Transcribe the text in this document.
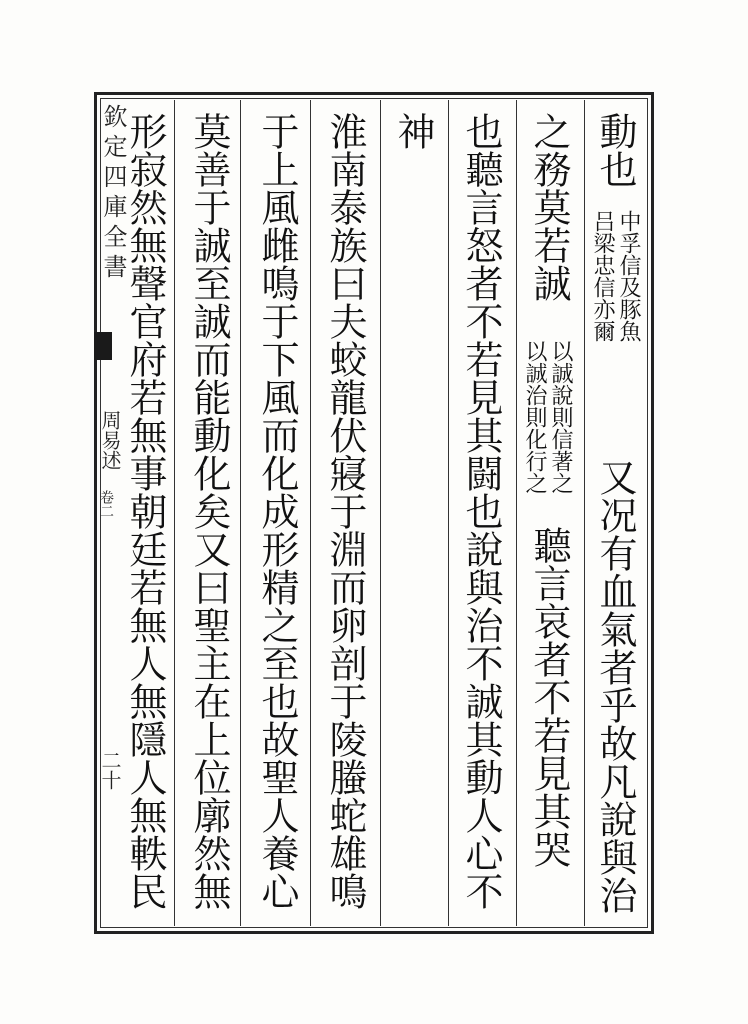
欽定四庫全書
周易述
卷二
二十
動也
中孚信及豚魚
吕梁忠信亦爾
又况有血氣者乎故凡說與治
之務莫若誠
以誠說則信著之
以誠治則化行之
聽言哀者不若見其哭
也聽言怒者不若見其闘也說與治不誠其動人心不
神
淮南泰族曰夫蛟龍伏寢于淵而卵剖于陵螣蛇雄鳴
于上風雌鳴于下風而化成形精之至也故聖人養心
莫善于誠至誠而能動化矣又曰聖主在上位廓然無
形寂然無聲官府若無事朝廷若無人無隱人無軼民
